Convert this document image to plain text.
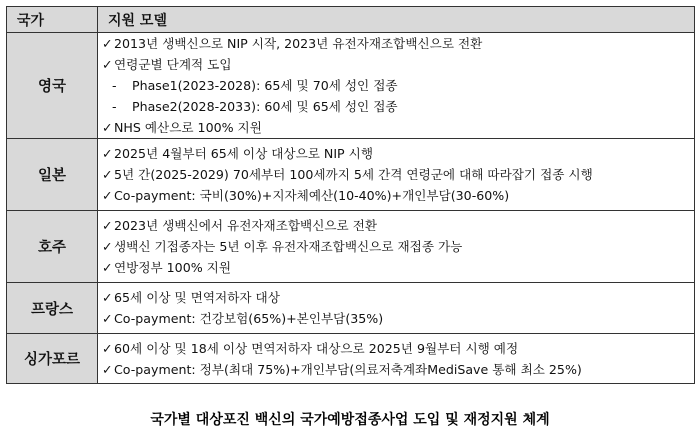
국가	지원 모델
영국	✓2013년 생백신으로 NIP 시작, 2023년 유전자재조합백신으로 전환
✓연령군별 단계적 도입
- Phase1(2023-2028): 65세 및 70세 성인 접종
- Phase2(2028-2033): 60세 및 65세 성인 접종
✓NHS 예산으로 100% 지원

일본	✓2025년 4월부터 65세 이상 대상으로 NIP 시행
✓5년 간(2025-2029) 70세부터 100세까지 5세 간격 연령군에 대해 따라잡기 접종 시행
✓Co-payment: 국비(30%)+지자체예산(10-40%)+개인부담(30-60%)

호주	✓2023년 생백신에서 유전자재조합백신으로 전환
✓생백신 기접종자는 5년 이후 유전자재조합백신으로 재접종 가능
✓연방정부 100% 지원

프랑스	✓65세 이상 및 면역저하자 대상
✓Co-payment: 건강보험(65%)+본인부담(35%)

싱가포르	✓60세 이상 및 18세 이상 면역저하자 대상으로 2025년 9월부터 시행 예정
✓Co-payment: 정부(최대 75%)+개인부담(의료저축계좌MediSave 통해 최소 25%)
국가별 대상포진 백신의 국가예방접종사업 도입 및 재정지원 체계
